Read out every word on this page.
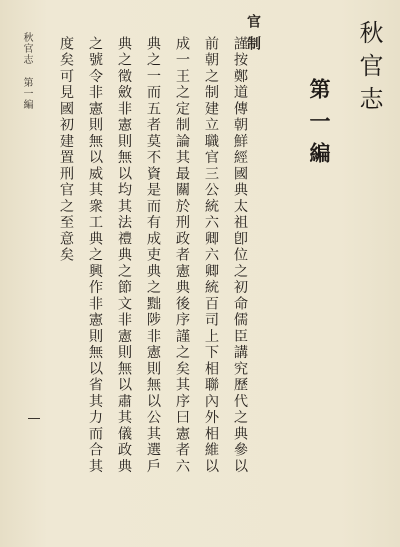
秋官志
第一編
官制
謹按鄭道傳朝鮮經國典太祖卽位之初命儒臣講究歷代之典參以
前朝之制建立職官三公統六卿六卿統百司上下相聯內外相維以
成一王之定制論其最關於刑政者憲典後序謹之矣其序曰憲者六
典之一而五者莫不資是而有成吏典之黜陟非憲則無以公其選戶
典之徵斂非憲則無以均其法禮典之節文非憲則無以肅其儀政典
之號令非憲則無以威其衆工典之興作非憲則無以省其力而合其
度矣可見國初建置刑官之至意矣
秋官志 第一編
